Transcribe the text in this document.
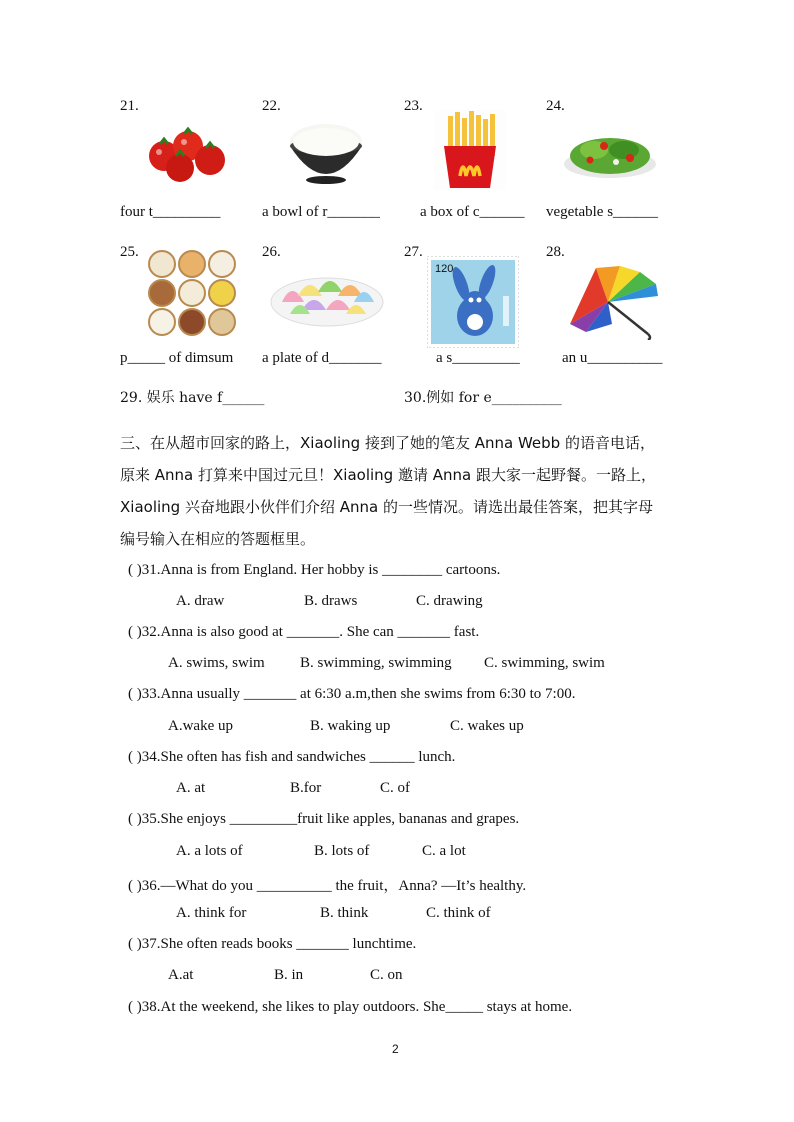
21.	22.	23.	24.
four t_________	a bowl of r_______	a box of c______ vegetable s______
25.	26.	27.	28.
120
p_____ of dimsum a plate of d_______	a s_________	an u__________
29. 娱乐 have f______	30.例如 for e__________
三、在从超市回家的路上，Xiaoling 接到了她的笔友 Anna Webb 的语音电话，
原来 Anna 打算来中国过元旦！Xiaoling 邀请 Anna 跟大家一起野餐。一路上，
Xiaoling 兴奋地跟小伙伴们介绍 Anna 的一些情况。请选出最佳答案，把其字母
编号输入在相应的答题框里。
( )31.Anna is from England. Her hobby is ________ cartoons.
A. draw	B. draws	C. drawing
( )32.Anna is also good at _______. She can _______ fast.
A. swims, swim B. swimming, swimming C. swimming, swim
( )33.Anna usually _______ at 6:30 a.m,then she swims from 6:30 to 7:00.
A.wake up	B. waking up	C. wakes up
( )34.She often has fish and sandwiches ______ lunch.
A. at	B.for	C. of
( )35.She enjoys _________fruit like apples, bananas and grapes.
A. a lots of	B. lots of	C. a lot
( )36.—What do you __________ the fruit，Anna? —It’s healthy.
A. think for	B. think	C. think of
( )37.She often reads books _______ lunchtime.
A.at	B. in	C. on
( )38.At the weekend, she likes to play outdoors. She_____ stays at home.
2
